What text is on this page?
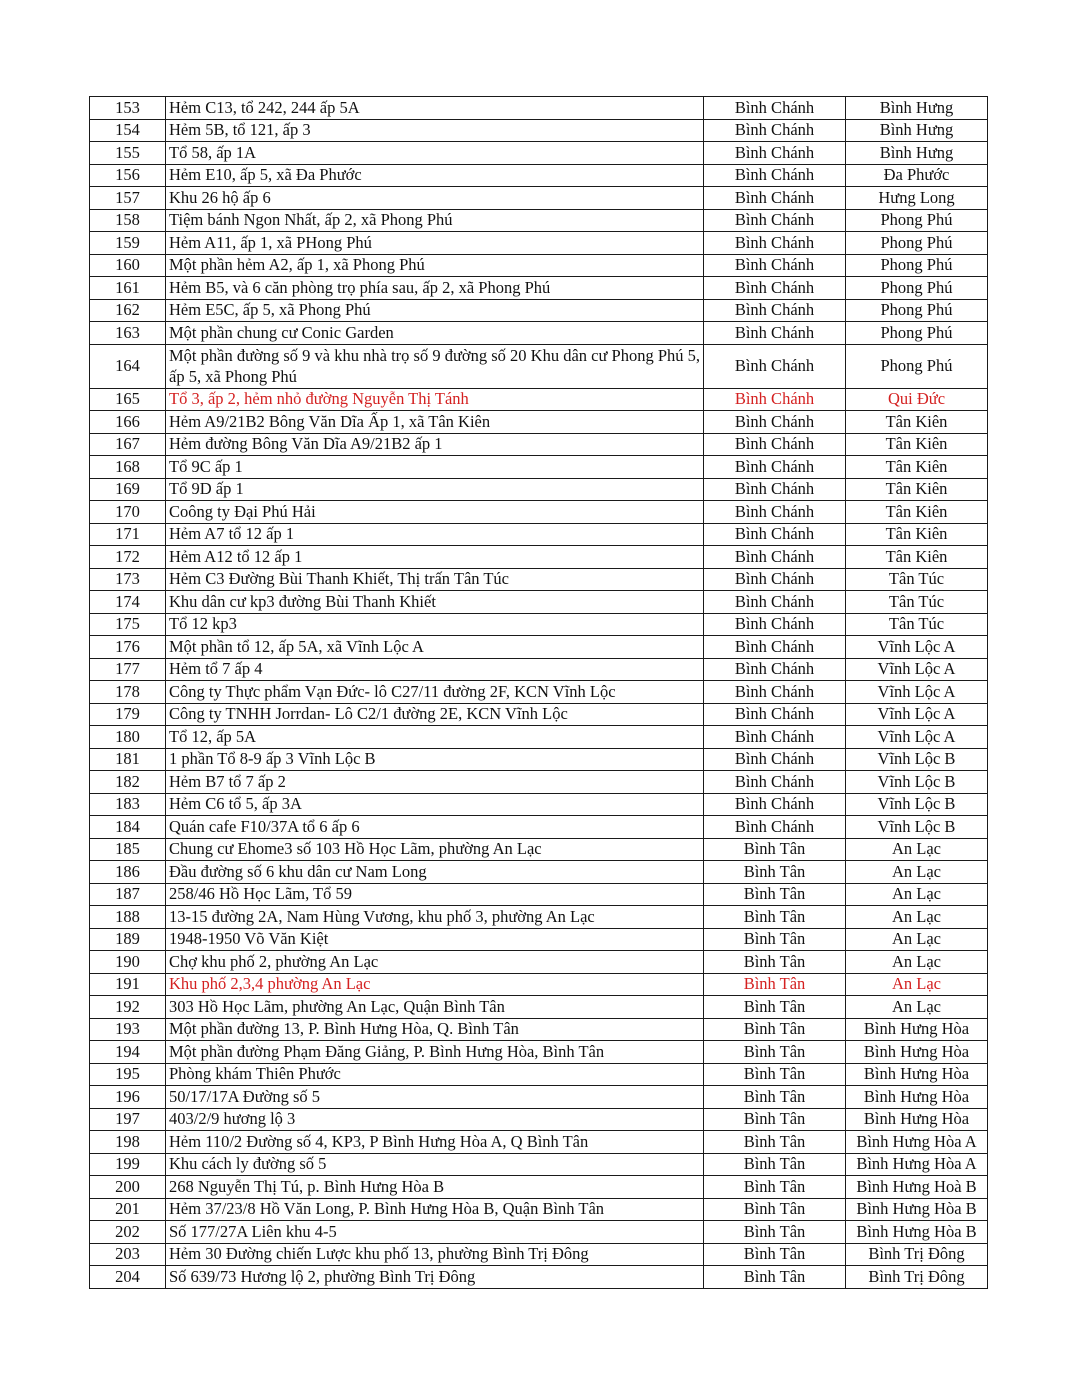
153	Hẻm C13, tổ 242, 244 ấp 5A	Bình Chánh	Bình Hưng
154	Hẻm 5B, tổ 121, ấp 3	Bình Chánh	Bình Hưng
155	Tổ 58, ấp 1A	Bình Chánh	Bình Hưng
156	Hẻm E10, ấp 5, xã Đa Phước	Bình Chánh	Đa Phước
157	Khu 26 hộ ấp 6	Bình Chánh	Hưng Long
158	Tiệm bánh Ngon Nhất, ấp 2, xã Phong Phú	Bình Chánh	Phong Phú
159	Hẻm A11, ấp 1, xã PHong Phú	Bình Chánh	Phong Phú
160	Một phần hẻm A2, ấp 1, xã Phong Phú	Bình Chánh	Phong Phú
161	Hẻm B5, và 6 căn phòng trọ phía sau, ấp 2, xã Phong Phú	Bình Chánh	Phong Phú
162	Hẻm E5C, ấp 5, xã Phong Phú	Bình Chánh	Phong Phú
163	Một phần chung cư Conic Garden	Bình Chánh	Phong Phú
164	Một phần đường số 9 và khu nhà trọ số 9 đường số 20 Khu dân cư Phong Phú 5, ấp 5, xã Phong Phú	Bình Chánh	Phong Phú
165	Tổ 3, ấp 2, hẻm nhỏ đường Nguyễn Thị Tánh	Bình Chánh	Qui Đức
166	Hẻm A9/21B2 Bông Văn Dĩa Ấp 1, xã Tân Kiên	Bình Chánh	Tân Kiên
167	Hẻm đường Bông Văn Dĩa A9/21B2 ấp 1	Bình Chánh	Tân Kiên
168	Tổ 9C ấp 1	Bình Chánh	Tân Kiên
169	Tổ 9D ấp 1	Bình Chánh	Tân Kiên
170	Coông ty Đại Phú Hải	Bình Chánh	Tân Kiên
171	Hẻm A7 tổ 12 ấp 1	Bình Chánh	Tân Kiên
172	Hẻm A12 tổ 12 ấp 1	Bình Chánh	Tân Kiên
173	Hẻm C3 Đường Bùi Thanh Khiết, Thị trấn Tân Túc	Bình Chánh	Tân Túc
174	Khu dân cư kp3 đường Bùi Thanh Khiết	Bình Chánh	Tân Túc
175	Tổ 12 kp3	Bình Chánh	Tân Túc
176	Một phần tổ 12, ấp 5A, xã Vĩnh Lộc A	Bình Chánh	Vĩnh Lộc A
177	Hẻm tổ 7 ấp 4	Bình Chánh	Vĩnh Lộc A
178	Công ty Thực phẩm Vạn Đức- lô C27/11 đường 2F, KCN Vĩnh Lộc	Bình Chánh	Vĩnh Lộc A
179	Công ty TNHH Jorrdan- Lô C2/1 đường 2E, KCN Vĩnh Lộc	Bình Chánh	Vĩnh Lộc A
180	Tổ 12, ấp 5A	Bình Chánh	Vĩnh Lộc A
181	1 phần Tổ 8-9 ấp 3 Vĩnh Lộc B	Bình Chánh	Vĩnh Lộc B
182	Hẻm B7 tổ 7 ấp 2	Bình Chánh	Vĩnh Lộc B
183	Hẻm C6 tổ 5, ấp 3A	Bình Chánh	Vĩnh Lộc B
184	Quán cafe F10/37A tổ 6 ấp 6	Bình Chánh	Vĩnh Lộc B
185	Chung cư Ehome3 số 103 Hồ Học Lãm, phường An Lạc	Bình Tân	An Lạc
186	Đầu đường số 6 khu dân cư Nam Long	Bình Tân	An Lạc
187	258/46 Hồ Học Lãm, Tổ 59	Bình Tân	An Lạc
188	13-15 đường 2A, Nam Hùng Vương, khu phố 3, phường An Lạc	Bình Tân	An Lạc
189	1948-1950 Võ Văn Kiệt	Bình Tân	An Lạc
190	Chợ khu phố 2, phường An Lạc	Bình Tân	An Lạc
191	Khu phố 2,3,4 phường An Lạc	Bình Tân	An Lạc
192	303 Hồ Học Lãm, phường An Lạc, Quận Bình Tân	Bình Tân	An Lạc
193	Một phần đường 13, P. Bình Hưng Hòa, Q. Bình Tân	Bình Tân	Bình Hưng Hòa
194	Một phần đường Phạm Đăng Giảng, P. Bình Hưng Hòa, Bình Tân	Bình Tân	Bình Hưng Hòa
195	Phòng khám Thiên Phước	Bình Tân	Bình Hưng Hòa
196	50/17/17A Đường số 5	Bình Tân	Bình Hưng Hòa
197	403/2/9 hương lộ 3	Bình Tân	Bình Hưng Hòa
198	Hẻm 110/2 Đường số 4, KP3, P Bình Hưng Hòa A, Q Bình Tân	Bình Tân	Bình Hưng Hòa A
199	Khu cách ly đường số 5	Bình Tân	Bình Hưng Hòa A
200	268 Nguyễn Thị Tú, p. Bình Hưng Hòa B	Bình Tân	Bình Hưng Hoà B
201	Hẻm 37/23/8 Hồ Văn Long, P. Bình Hưng Hòa B, Quận Bình Tân	Bình Tân	Bình Hưng Hòa B
202	Số 177/27A Liên khu 4-5	Bình Tân	Bình Hưng Hòa B
203	Hẻm 30 Đường chiến Lược khu phố 13, phường Bình Trị Đông	Bình Tân	Bình Trị Đông
204	Số 639/73 Hương lộ 2, phường Bình Trị Đông	Bình Tân	Bình Trị Đông
